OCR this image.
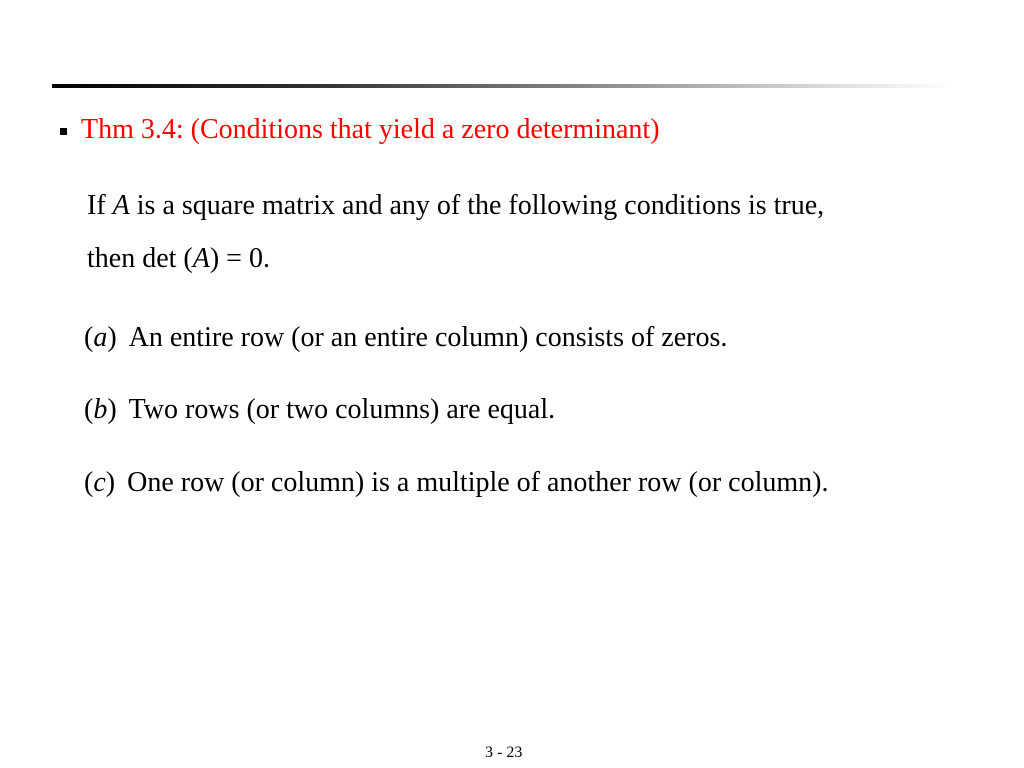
Thm 3.4: (Conditions that yield a zero determinant)
If A is a square matrix and any of the following conditions is true,
then det (A) = 0.
(a) An entire row (or an entire column) consists of zeros.
(b) Two rows (or two columns) are equal.
(c) One row (or column) is a multiple of another row (or column).
3 - 23
